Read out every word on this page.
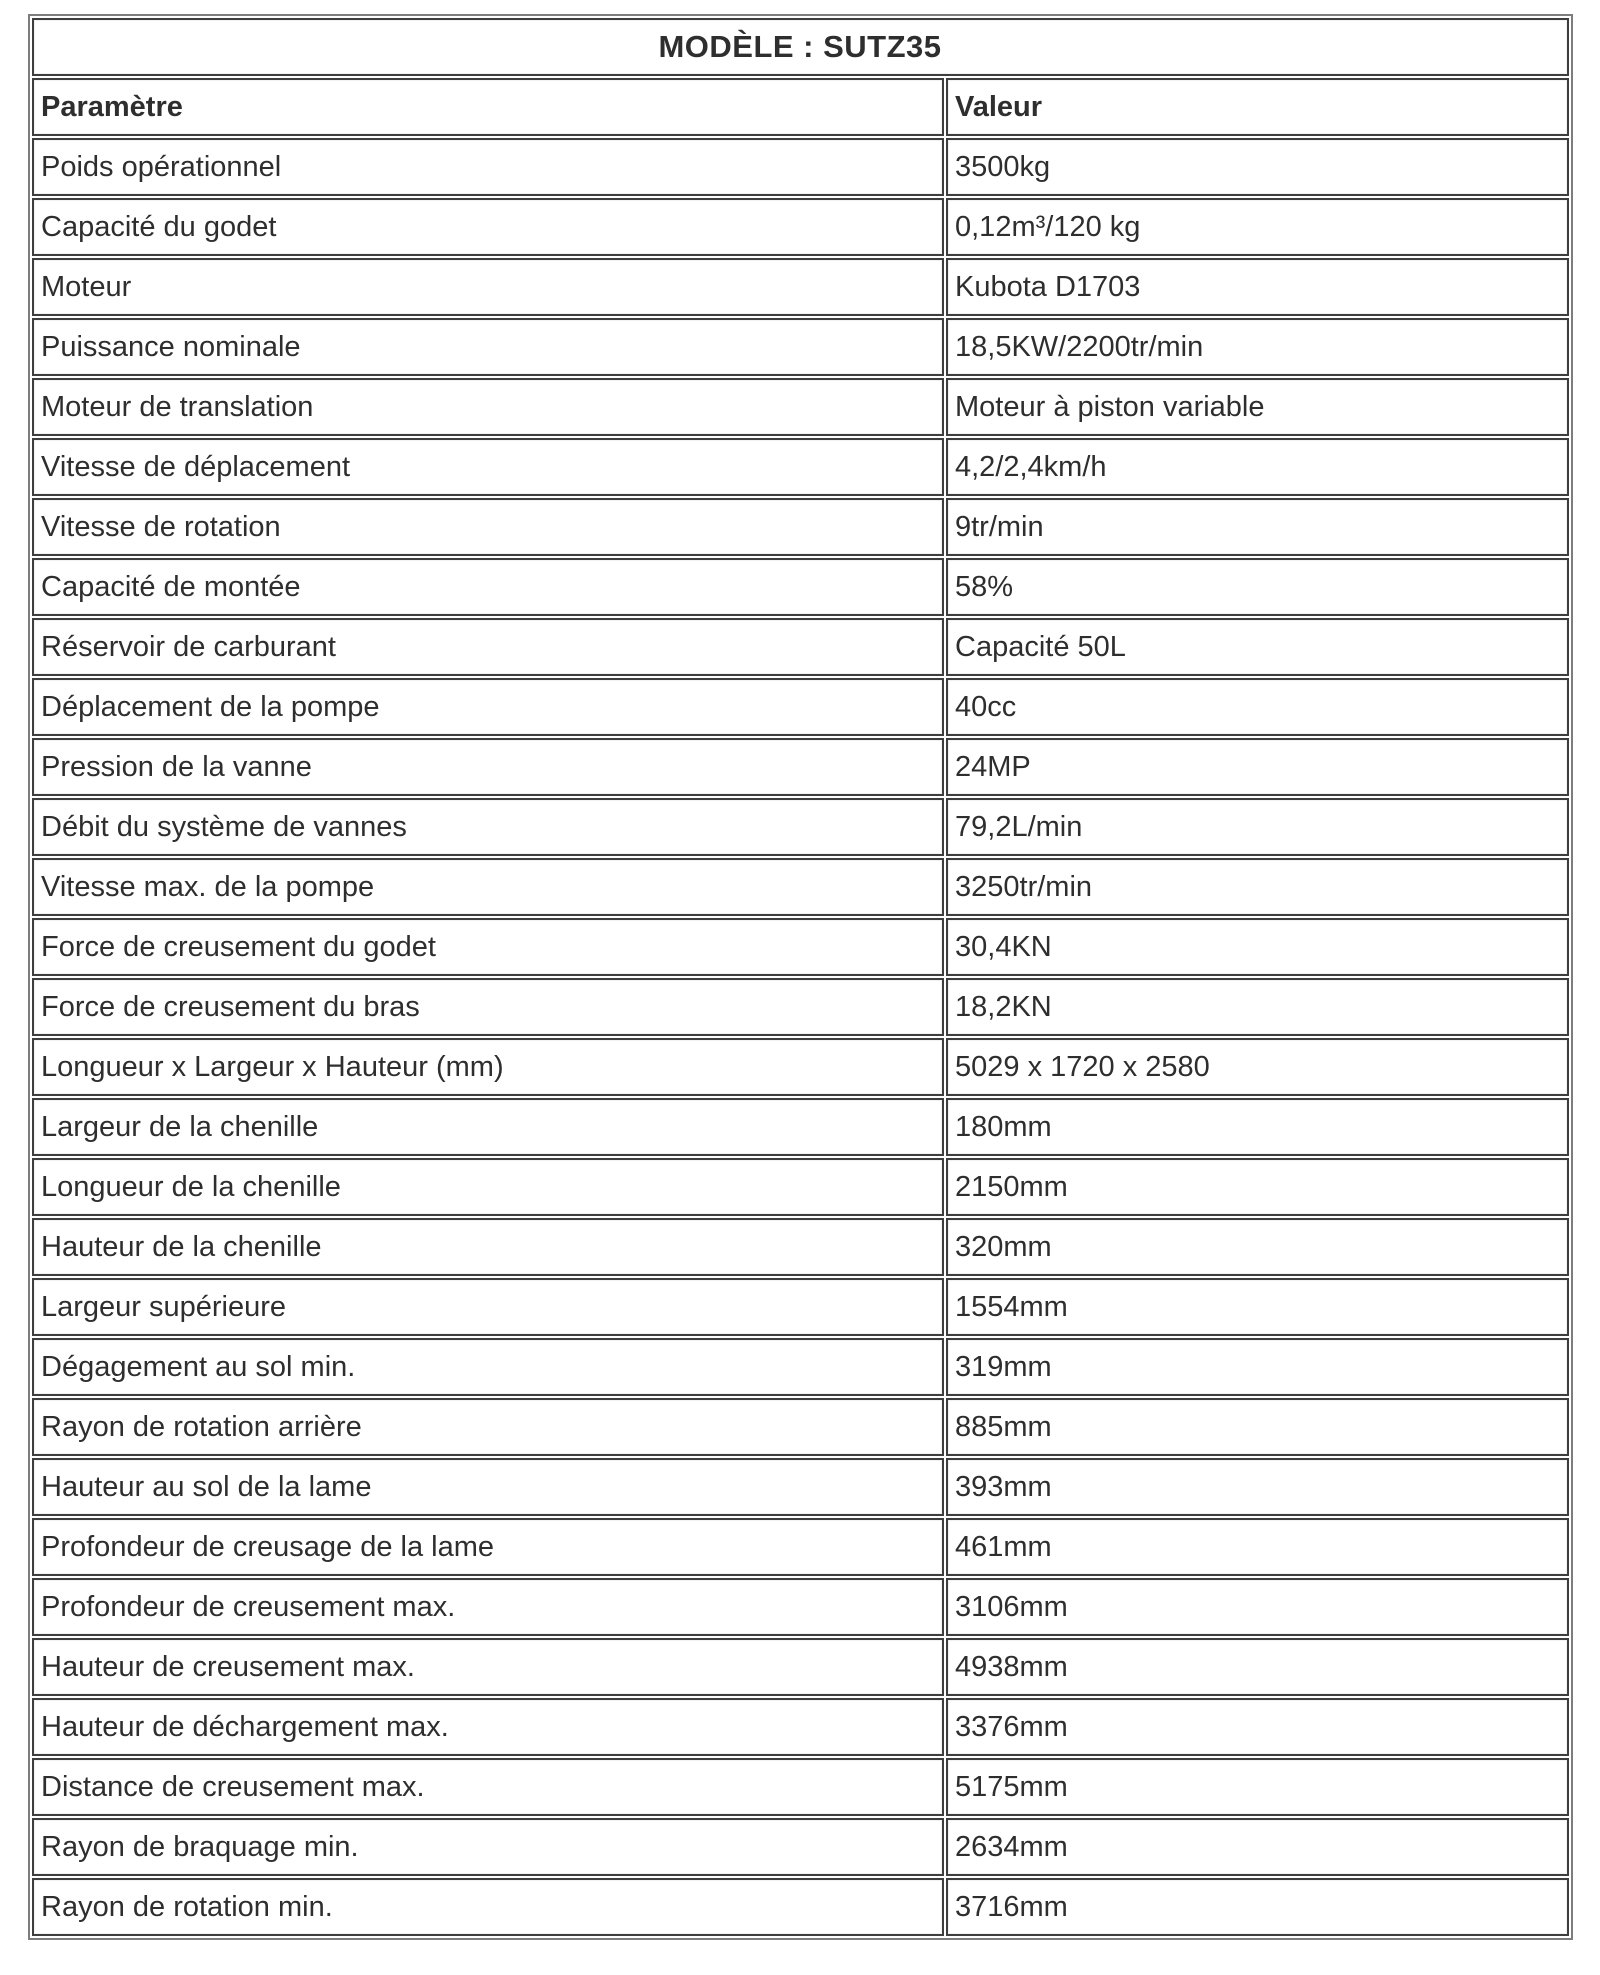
MODÈLE : SUTZ35	
Paramètre	Valeur
Poids opérationnel	3500kg
Capacité du godet	0,12m³/120 kg
Moteur	Kubota D1703
Puissance nominale	18,5KW/2200tr/min
Moteur de translation	Moteur à piston variable
Vitesse de déplacement	4,2/2,4km/h
Vitesse de rotation	9tr/min
Capacité de montée	58%
Réservoir de carburant	Capacité 50L
Déplacement de la pompe	40cc
Pression de la vanne	24MP
Débit du système de vannes	79,2L/min
Vitesse max. de la pompe	3250tr/min
Force de creusement du godet	30,4KN
Force de creusement du bras	18,2KN
Longueur x Largeur x Hauteur (mm)	5029 x 1720 x 2580
Largeur de la chenille	180mm
Longueur de la chenille	2150mm
Hauteur de la chenille	320mm
Largeur supérieure	1554mm
Dégagement au sol min.	319mm
Rayon de rotation arrière	885mm
Hauteur au sol de la lame	393mm
Profondeur de creusage de la lame	461mm
Profondeur de creusement max.	3106mm
Hauteur de creusement max.	4938mm
Hauteur de déchargement max.	3376mm
Distance de creusement max.	5175mm
Rayon de braquage min.	2634mm
Rayon de rotation min.	3716mm
